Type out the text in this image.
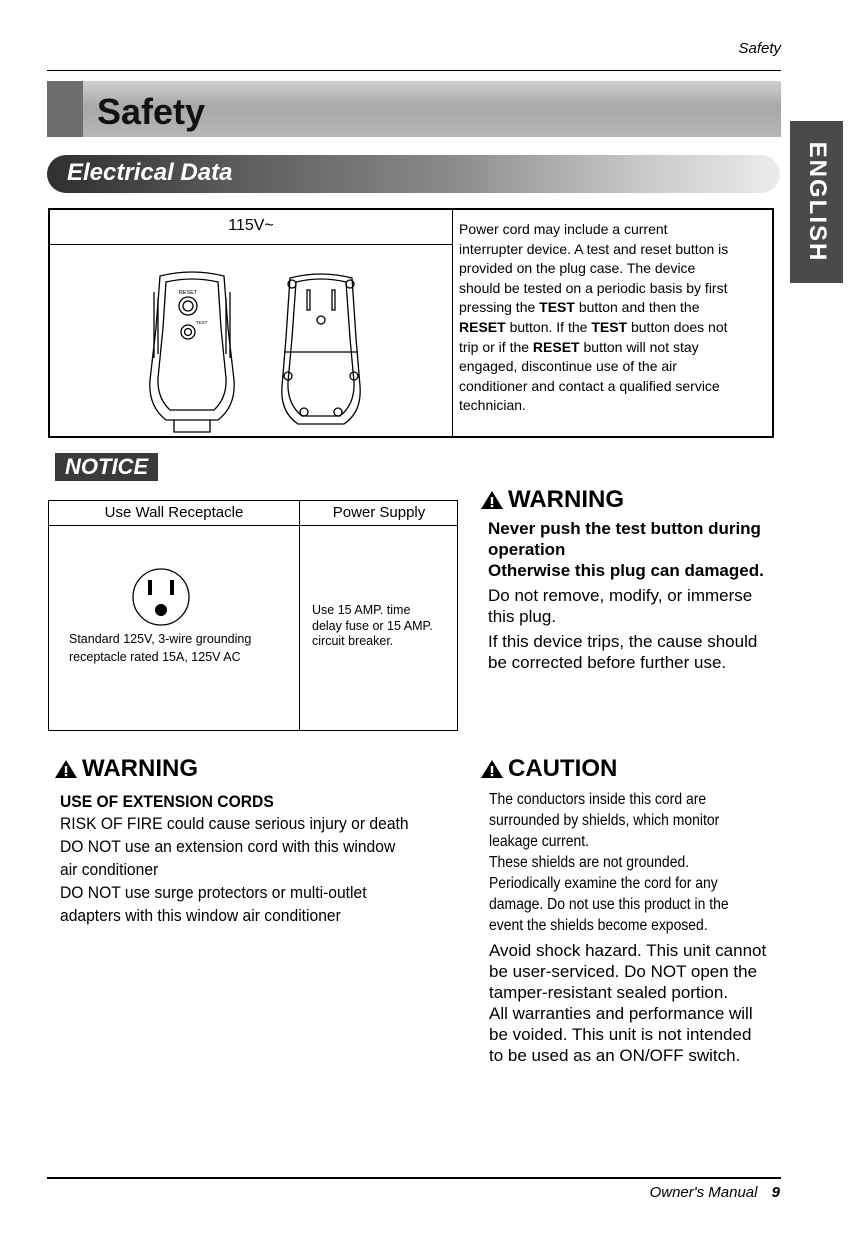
Safety
Safety
Electrical Data	ENGLISH
115V~
RESET
TEST
Power cord may include a current
interrupter device. A test and reset button is
provided on the plug case. The device
should be tested on a periodic basis by first
pressing the TEST button and then the
RESET button. If the TEST button does not
trip or if the RESET button will not stay
engaged, discontinue use of the air
conditioner and contact a qualified service
technician.
NOTICE
Use Wall Receptacle	Power Supply
Standard 125V, 3-wire grounding
receptacle rated 15A, 125V AC
Use 15 AMP. time
delay fuse or 15 AMP.
circuit breaker.
WARNING
Never push the test button during
operation
Otherwise this plug can damaged.
Do not remove, modify, or immerse
this plug.
If this device trips, the cause should
be corrected before further use.
WARNING
USE OF EXTENSION CORDS
RISK OF FIRE could cause serious injury or death
DO NOT use an extension cord with this window
air conditioner
DO NOT use surge protectors or multi-outlet
adapters with this window air conditioner
CAUTION
The conductors inside this cord are
surrounded by shields, which monitor
leakage current.
These shields are not grounded.
Periodically examine the cord for any
damage. Do not use this product in the
event the shields become exposed.
Avoid shock hazard. This unit cannot
be user-serviced. Do NOT open the
tamper-resistant sealed portion.
All warranties and performance will
be voided. This unit is not intended
to be used as an ON/OFF switch.
Owner's Manual 9
